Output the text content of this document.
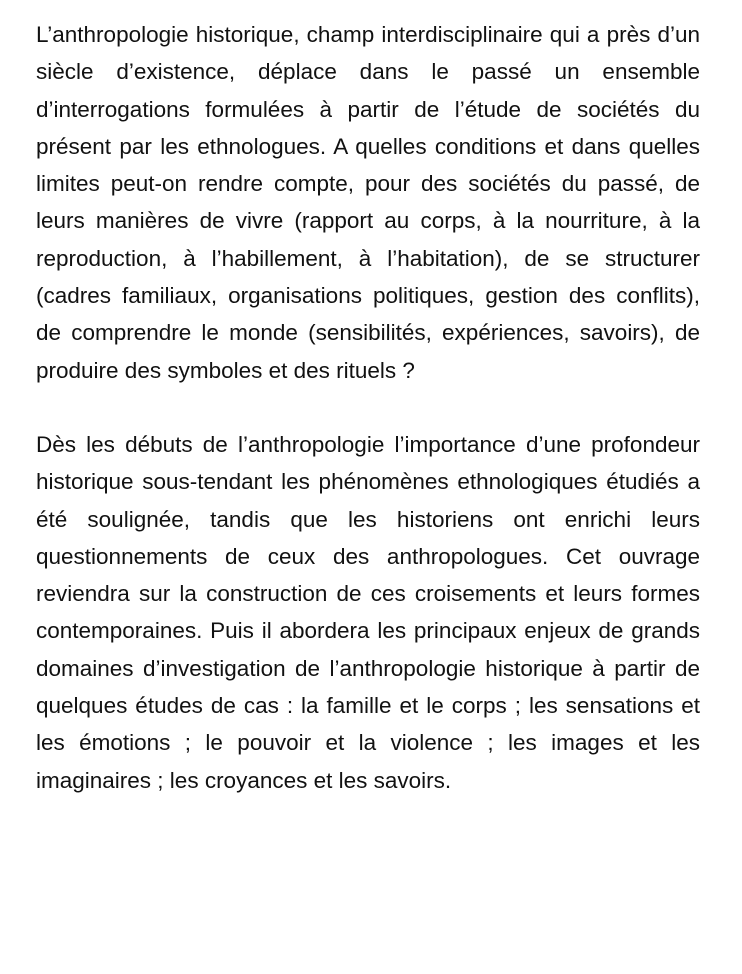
L’anthropologie historique, champ interdisciplinaire qui a près d’un siècle d’existence, déplace dans le passé un ensemble d’interrogations formulées à partir de l’étude de sociétés du présent par les ethnologues. A quelles conditions et dans quelles limites peut-on rendre compte, pour des sociétés du passé, de leurs manières de vivre (rapport au corps, à la nourriture, à la reproduction, à l’habillement, à l’habitation), de se structurer (cadres familiaux, organisations politiques, gestion des conflits), de comprendre le monde (sensibilités, expériences, savoirs), de produire des symboles et des rituels ?

Dès les débuts de l’anthropologie l’importance d’une profondeur historique sous-tendant les phénomènes ethnologiques étudiés a été soulignée, tandis que les historiens ont enrichi leurs questionnements de ceux des anthropologues. Cet ouvrage reviendra sur la construction de ces croisements et leurs formes contemporaines. Puis il abordera les principaux enjeux de grands domaines d’investigation de l’anthropologie historique à partir de quelques études de cas : la famille et le corps ; les sensations et les émotions ; le pouvoir et la violence ; les images et les imaginaires ; les croyances et les savoirs.
